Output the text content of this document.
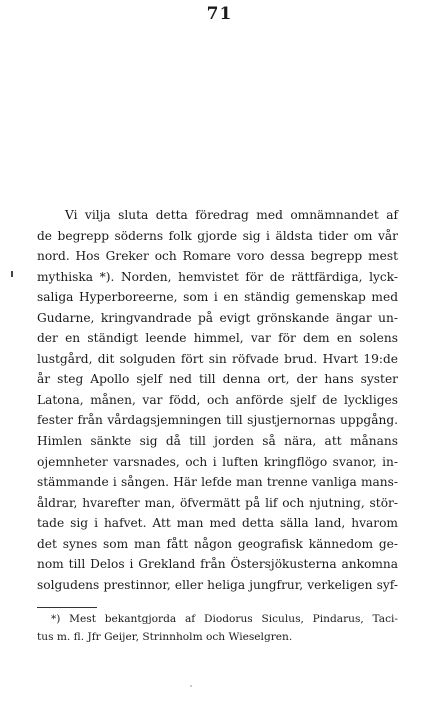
71
Vi vilja sluta detta föredrag med omnämnandet af
de begrepp söderns folk gjorde sig i äldsta tider om vår
nord. Hos Greker och Romare voro dessa begrepp mest
mythiska *). Norden, hemvistet för de rättfärdiga, lyck-
saliga Hyperboreerne, som i en ständig gemenskap med
Gudarne, kringvandrade på evigt grönskande ängar un-
der en ständigt leende himmel, var för dem en solens
lustgård, dit solguden fört sin röfvade brud. Hvart 19:de
år steg Apollo sjelf ned till denna ort, der hans syster
Latona, månen, var född, och anförde sjelf de lyckliges
fester från vårdagsjemningen till sjustjernornas uppgång.
Himlen sänkte sig då till jorden så nära, att månans
ojemnheter varsnades, och i luften kringflögo svanor, in-
stämmande i sången. Här lefde man trenne vanliga mans-
åldrar, hvarefter man, öfvermätt på lif och njutning, stör-
tade sig i hafvet. Att man med detta sälla land, hvarom
det synes som man fått någon geografisk kännedom ge-
nom till Delos i Grekland från Östersjökusterna ankomna
solgudens prestinnor, eller heliga jungfrur, verkeligen syf-
*) Mest bekantgjorda af Diodorus Siculus, Pindarus, Taci-
tus m. fl. Jfr Geijer, Strinnholm och Wieselgren.
